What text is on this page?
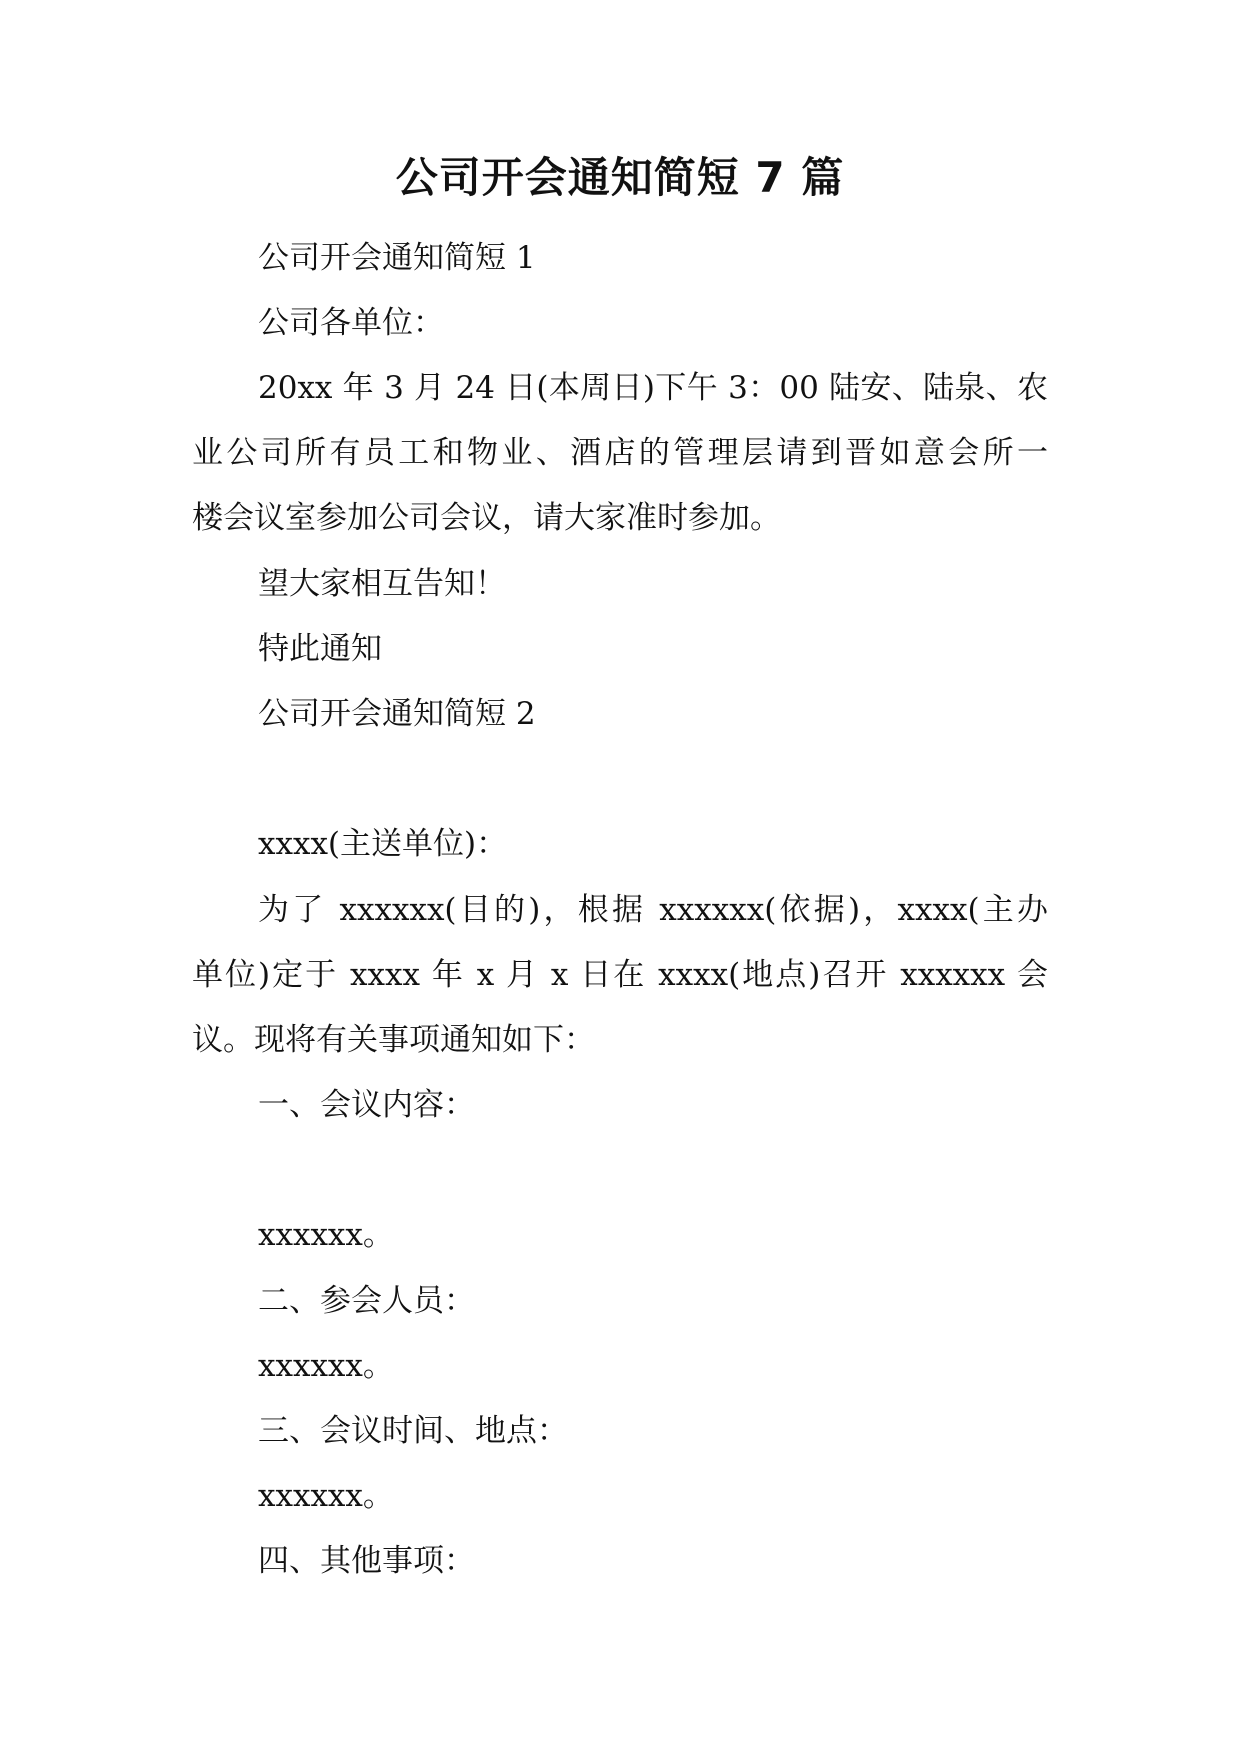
公司开会通知简短 7 篇
公司开会通知简短 1
公司各单位：
20xx 年 3 月 24 日(本周日)下午 3：00 陆安、陆泉、农
业公司所有员工和物业、酒店的管理层请到晋如意会所一
楼会议室参加公司会议，请大家准时参加。
望大家相互告知！
特此通知
公司开会通知简短 2
xxxx(主送单位)：
为了 xxxxxx(目的)，根据 xxxxxx(依据)，xxxx(主办
单位)定于 xxxx 年 x 月 x 日在 xxxx(地点)召开 xxxxxx 会
议。现将有关事项通知如下：
一、会议内容：
xxxxxx。
二、参会人员：
xxxxxx。
三、会议时间、地点：
xxxxxx。
四、其他事项：
